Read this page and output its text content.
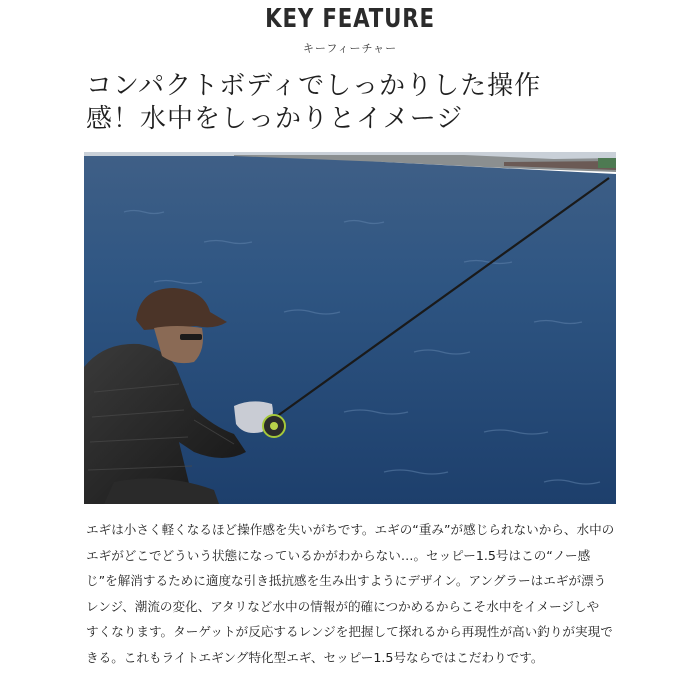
KEY FEATURE
キーフィーチャー
コンパクトボディでしっかりした操作
感！水中をしっかりとイメージ
エギは小さく軽くなるほど操作感を失いがちです。エギの“重み”が感じられないから、水中の
エギがどこでどういう状態になっているかがわからない…。セッピー1.5号はこの“ノー感
じ”を解消するために適度な引き抵抗感を生み出すようにデザイン。アングラーはエギが漂う
レンジ、潮流の変化、アタリなど水中の情報が的確につかめるからこそ水中をイメージしや
すくなります。ターゲットが反応するレンジを把握して探れるから再現性が高い釣りが実現で
きる。これもライトエギング特化型エギ、セッピー1.5号ならではこだわりです。
